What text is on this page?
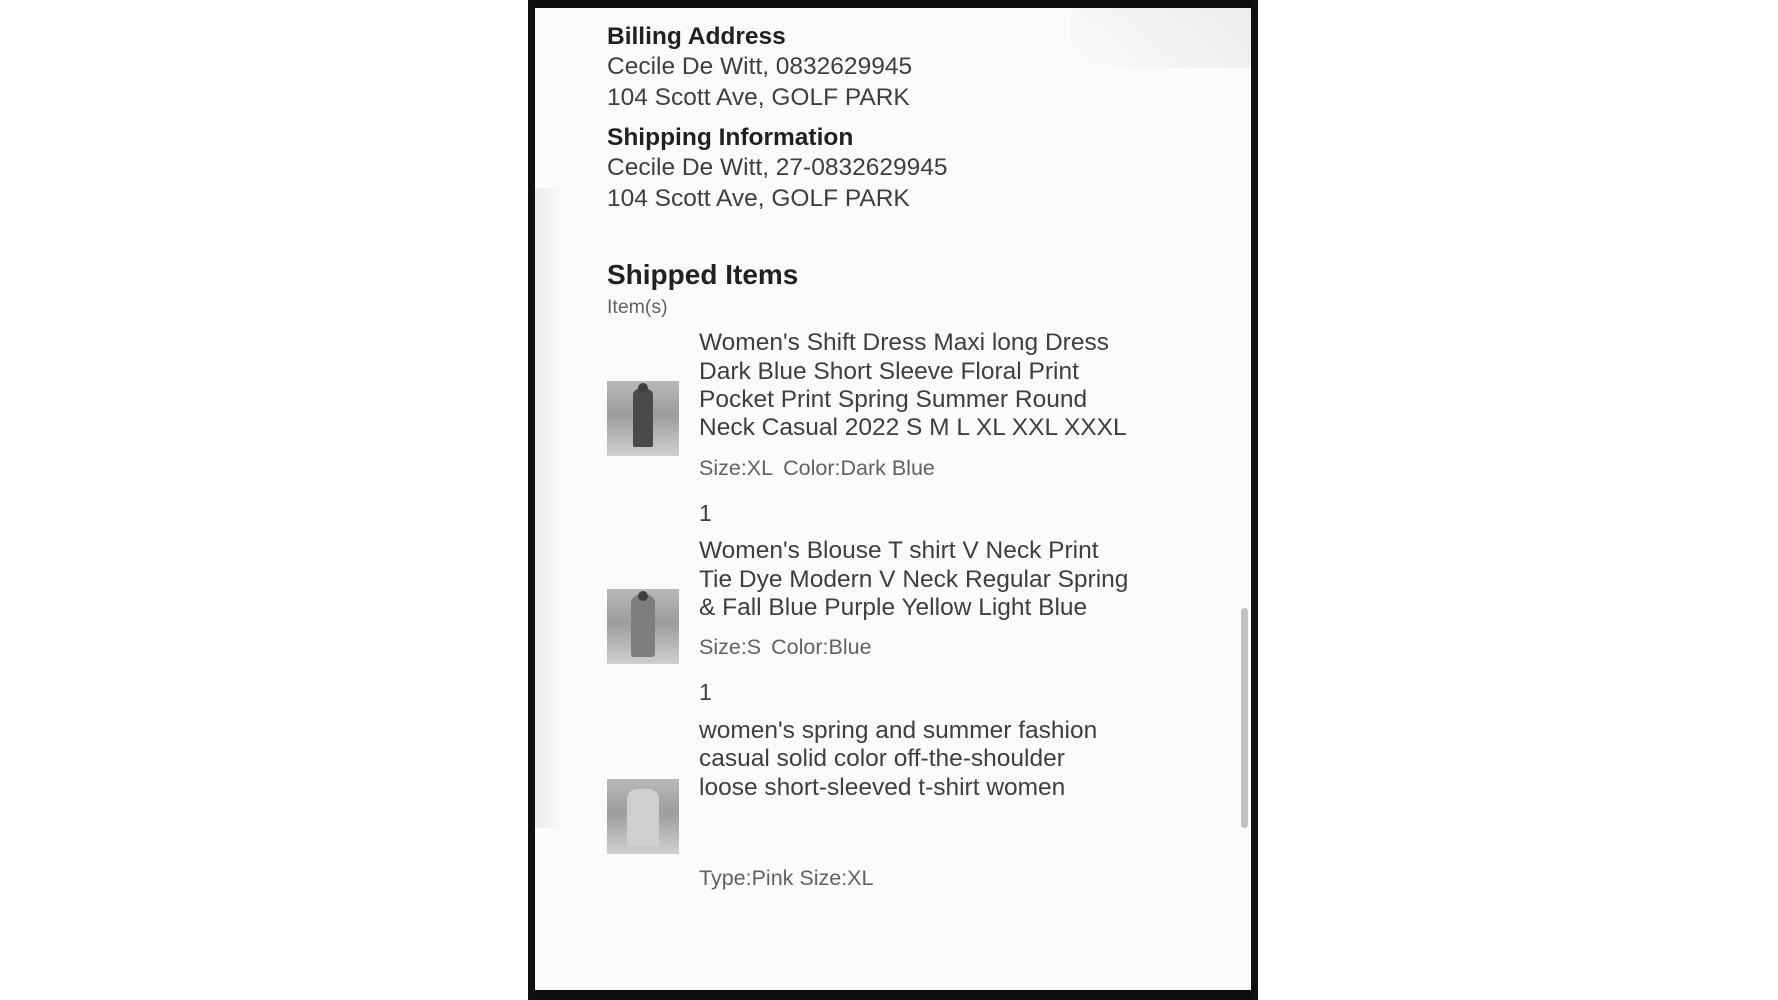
Billing Address
Cecile De Witt, 0832629945
104 Scott Ave, GOLF PARK
Shipping Information
Cecile De Witt, 27-0832629945
104 Scott Ave, GOLF PARK
Shipped Items
Item(s)
Women's Shift Dress Maxi long Dress Dark Blue Short Sleeve Floral Print Pocket Print Spring Summer Round Neck Casual 2022 S M L XL XXL XXXL
Size:XL Color:Dark Blue
1
Women's Blouse T shirt V Neck Print Tie Dye Modern V Neck Regular Spring & Fall Blue Purple Yellow Light Blue
Size:S Color:Blue
1
women's spring and summer fashion casual solid color off-the-shoulder loose short-sleeved t-shirt women
Type:Pink Size:XL
